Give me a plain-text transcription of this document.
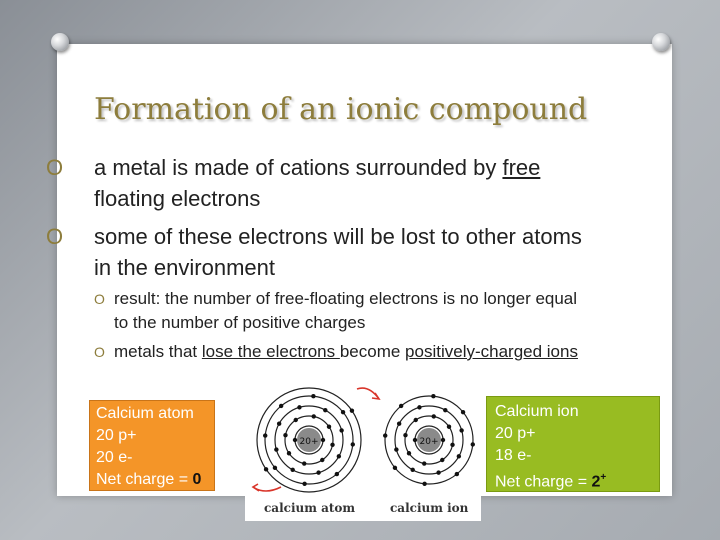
Formation of an ionic compound
O	a metal is made of cations surrounded by free
floating electrons
O	some of these electrons will be lost to other atoms
in the environment
O result: the number of free-floating electrons is no longer equal
to the number of positive charges
O metals that lose the electrons become positively-charged ions
Calcium atom
20 p+
20 e-
Net charge = 0
Calcium ion
20 p+
18 e-
Net charge = 2+
20+	20+
calcium atom	calcium ion
